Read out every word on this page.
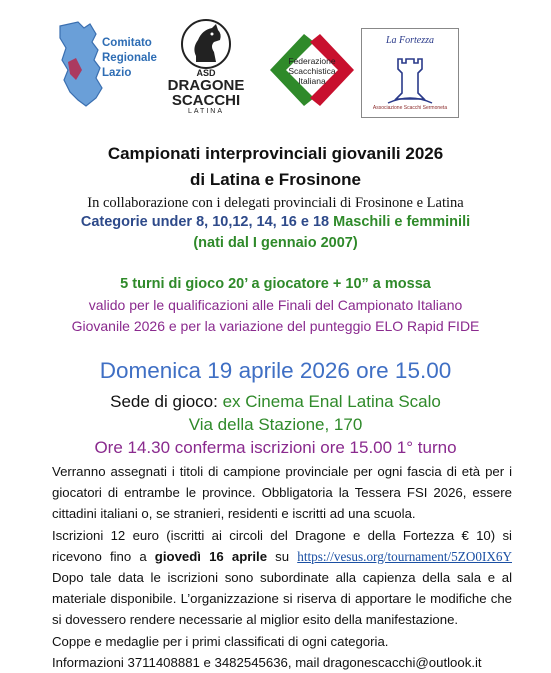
Comitato
Regionale
Lazio	ASD
DRAGONE
SCACCHI
LATINA
Federazione
Scacchistica
Italiana
La Fortezza
Associazione Scacchi Sermoneta
Campionati interprovinciali giovanili 2026
di Latina e Frosinone
In collaborazione con i delegati provinciali di Frosinone e Latina
Categorie under 8, 10,12, 14, 16 e 18 Maschili e femminili
(nati dal I gennaio 2007)
5 turni di gioco 20’ a giocatore + 10” a mossa
valido per le qualificazioni alle Finali del Campionato Italiano
Giovanile 2026 e per la variazione del punteggio ELO Rapid FIDE
Domenica 19 aprile 2026 ore 15.00
Sede di gioco: ex Cinema Enal Latina Scalo
Via della Stazione, 170
Ore 14.30 conferma iscrizioni ore 15.00 1° turno

Verranno assegnati i titoli di campione provinciale per ogni fascia di età per i giocatori di entrambe le province. Obbligatoria la Tessera FSI 2026, essere cittadini italiani o, se stranieri, residenti e iscritti ad una scuola.

Iscrizioni 12 euro (iscritti ai circoli del Dragone e della Fortezza € 10) si ricevono fino a giovedì 16 aprile su https://vesus.org/tournament/5ZO0IX6Y Dopo tale data le iscrizioni sono subordinate alla capienza della sala e al materiale disponibile. L’organizzazione si riserva di apportare le modifiche che si dovessero rendere necessarie al miglior esito della manifestazione.

Coppe e medaglie per i primi classificati di ogni categoria.

Informazioni 3711408881 e 3482545636, mail dragonescacchi@outlook.it
